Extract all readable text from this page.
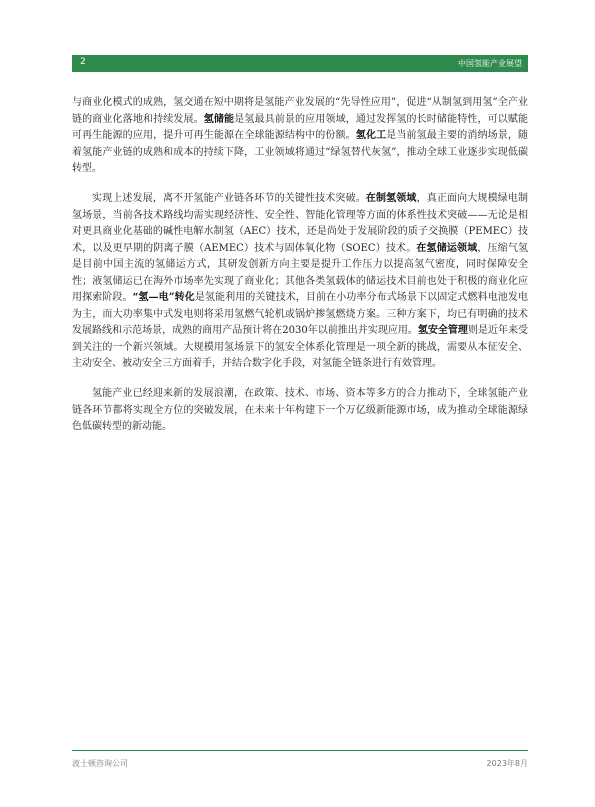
2	中国氢能产业展望

与商业化模式的成熟，氢交通在短中期将是氢能产业发展的“先导性应用”，促进“从制氢到用氢”全产业链的商业化落地和持续发展。氢储能是氢最具前景的应用领域，通过发挥氢的长时储能特性，可以赋能可再生能源的应用，提升可再生能源在全球能源结构中的份额。氢化工是当前氢最主要的消纳场景，随着氢能产业链的成熟和成本的持续下降，工业领域将通过“绿氢替代灰氢”，推动全球工业逐步实现低碳转型。

实现上述发展，离不开氢能产业链各环节的关键性技术突破。在制氢领域，真正面向大规模绿电制氢场景，当前各技术路线均需实现经济性、安全性、智能化管理等方面的体系性技术突破——无论是相对更具商业化基础的碱性电解水制氢（AEC）技术，还是尚处于发展阶段的质子交换膜（PEMEC）技术，以及更早期的阴离子膜（AEMEC）技术与固体氧化物（SOEC）技术。在氢储运领域，压缩气氢是目前中国主流的氢储运方式，其研发创新方向主要是提升工作压力以提高氢气密度，同时保障安全性；液氢储运已在海外市场率先实现了商业化；其他各类氢载体的储运技术目前也处于积极的商业化应用探索阶段。“氢—电”转化是氢能利用的关键技术，目前在小功率分布式场景下以固定式燃料电池发电为主，而大功率集中式发电则将采用氢燃气轮机或锅炉掺氢燃烧方案。三种方案下，均已有明确的技术发展路线和示范场景，成熟的商用产品预计将在2030年以前推出并实现应用。氢安全管理则是近年来受到关注的一个新兴领域。大规模用氢场景下的氢安全体系化管理是一项全新的挑战，需要从本征安全、主动安全、被动安全三方面着手，并结合数字化手段，对氢能全链条进行有效管理。

氢能产业已经迎来新的发展浪潮，在政策、技术、市场、资本等多方的合力推动下，全球氢能产业链各环节都将实现全方位的突破发展，在未来十年构建下一个万亿级新能源市场，成为推动全球能源绿色低碳转型的新动能。

波士顿咨询公司	2023年8月
